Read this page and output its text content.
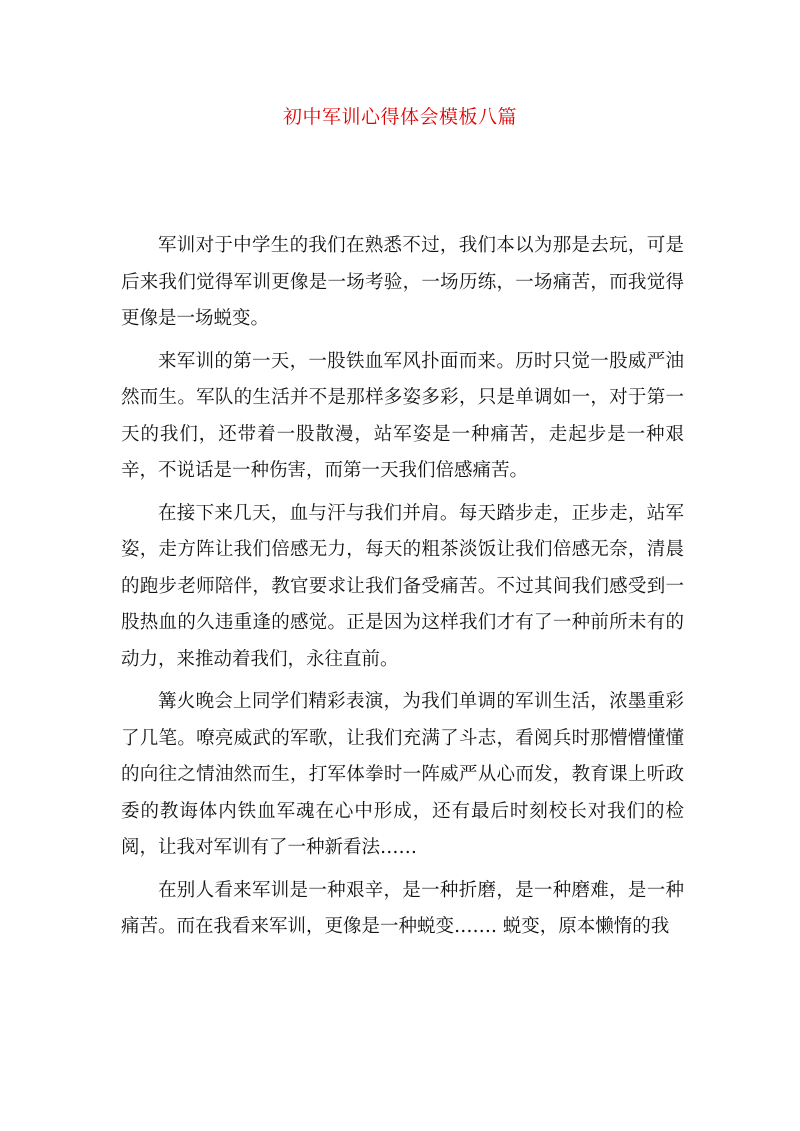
初中军训心得体会模板八篇

军训对于中学生的我们在熟悉不过，我们本以为那是去玩，可是后来我们觉得军训更像是一场考验，一场历练，一场痛苦，而我觉得更像是一场蜕变。

来军训的第一天，一股铁血军风扑面而来。历时只觉一股威严油然而生。军队的生活并不是那样多姿多彩，只是单调如一，对于第一天的我们，还带着一股散漫，站军姿是一种痛苦，走起步是一种艰辛，不说话是一种伤害，而第一天我们倍感痛苦。

在接下来几天，血与汗与我们并肩。每天踏步走，正步走，站军姿，走方阵让我们倍感无力，每天的粗茶淡饭让我们倍感无奈，清晨的跑步老师陪伴，教官要求让我们备受痛苦。不过其间我们感受到一股热血的久违重逢的感觉。正是因为这样我们才有了一种前所未有的动力，来推动着我们，永往直前。

篝火晚会上同学们精彩表演，为我们单调的军训生活，浓墨重彩了几笔。嘹亮威武的军歌，让我们充满了斗志，看阅兵时那懵懵懂懂的向往之情油然而生，打军体拳时一阵威严从心而发，教育课上听政委的教诲体内铁血军魂在心中形成，还有最后时刻校长对我们的检阅，让我对军训有了一种新看法……

在别人看来军训是一种艰辛，是一种折磨，是一种磨难，是一种痛苦。而在我看来军训，更像是一种蜕变……. 蜕变，原本懒惰的我
